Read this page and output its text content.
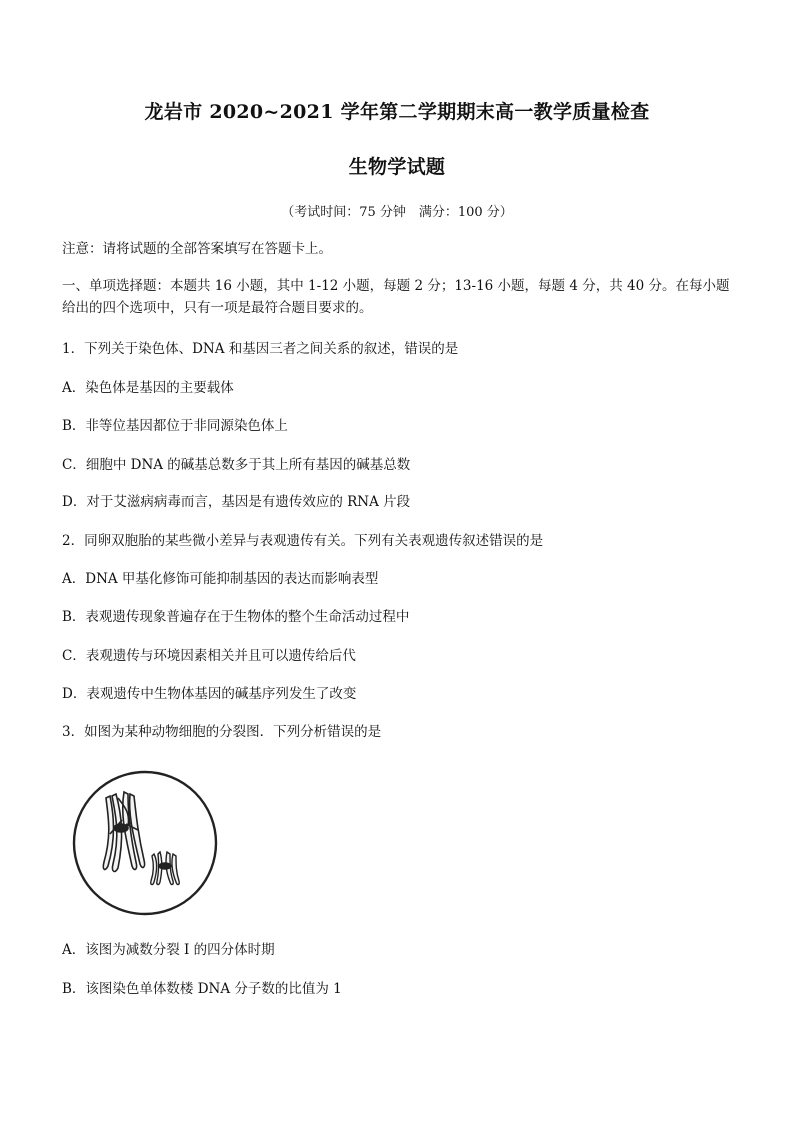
龙岩市 2020~2021 学年第二学期期末高一教学质量检查
生物学试题
（考试时间：75 分钟　满分：100 分）
注意：请将试题的全部答案填写在答题卡上。
一、单项选择题：本题共 16 小题，其中 1-12 小题，每题 2 分；13-16 小题，每题 4 分，共 40 分。在每小题给出的四个选项中，只有一项是最符合题目要求的。
1．下列关于染色体、DNA 和基因三者之间关系的叙述，错误的是
A．染色体是基因的主要载体
B．非等位基因都位于非同源染色体上
C．细胞中 DNA 的碱基总数多于其上所有基因的碱基总数
D．对于艾滋病病毒而言，基因是有遗传效应的 RNA 片段
2．同卵双胞胎的某些微小差异与表观遗传有关。下列有关表观遗传叙述错误的是
A．DNA 甲基化修饰可能抑制基因的表达而影响表型
B．表观遗传现象普遍存在于生物体的整个生命活动过程中
C．表观遗传与环境因素相关并且可以遗传给后代
D．表观遗传中生物体基因的碱基序列发生了改变
3．如图为某种动物细胞的分裂图．下列分析错误的是
A．该图为减数分裂 I 的四分体时期
B．该图染色单体数楼 DNA 分子数的比值为 1
